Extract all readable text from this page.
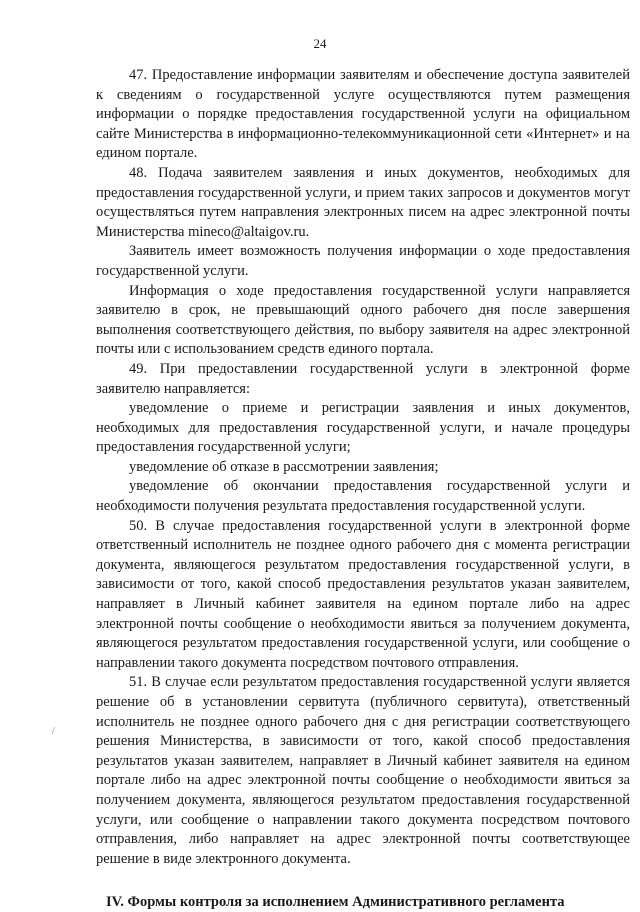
24

47. Предоставление информации заявителям и обеспечение доступа заявителей к сведениям о государственной услуге осуществляются путем размещения информации о порядке предоставления государственной услуги на официальном сайте Министерства в информационно-телекоммуникационной сети «Интернет» и на едином портале.

48. Подача заявителем заявления и иных документов, необходимых для предоставления государственной услуги, и прием таких запросов и документов могут осуществляться путем направления электронных писем на адрес электронной почты Министерства mineco@altaigov.ru.

Заявитель имеет возможность получения информации о ходе предоставления государственной услуги.

Информация о ходе предоставления государственной услуги направляется заявителю в срок, не превышающий одного рабочего дня после завершения выполнения соответствующего действия, по выбору заявителя на адрес электронной почты или с использованием средств единого портала.

49. При предоставлении государственной услуги в электронной форме заявителю направляется:

уведомление о приеме и регистрации заявления и иных документов, необходимых для предоставления государственной услуги, и начале процедуры предоставления государственной услуги;

уведомление об отказе в рассмотрении заявления;

уведомление об окончании предоставления государственной услуги и необходимости получения результата предоставления государственной услуги.

50. В случае предоставления государственной услуги в электронной форме ответственный исполнитель не позднее одного рабочего дня с момента регистрации документа, являющегося результатом предоставления государственной услуги, в зависимости от того, какой способ предоставления результатов указан заявителем, направляет в Личный кабинет заявителя на едином портале либо на адрес электронной почты сообщение о необходимости явиться за получением документа, являющегося результатом предоставления государственной услуги, или сообщение о направлении такого документа посредством почтового отправления.

51. В случае если результатом предоставления государственной услуги является решение об в установлении сервитута (публичного сервитута), ответственный исполнитель не позднее одного рабочего дня с дня регистрации соответствующего решения Министерства, в зависимости от того, какой способ предоставления результатов указан заявителем, направляет в Личный кабинет заявителя на едином портале либо на адрес электронной почты сообщение о необходимости явиться за получением документа, являющегося результатом предоставления государственной услуги, или сообщение о направлении такого документа посредством почтового отправления, либо направляет на адрес электронной почты соответствующее решение в виде электронного документа.

IV. Формы контроля за исполнением Административного регламента
/
